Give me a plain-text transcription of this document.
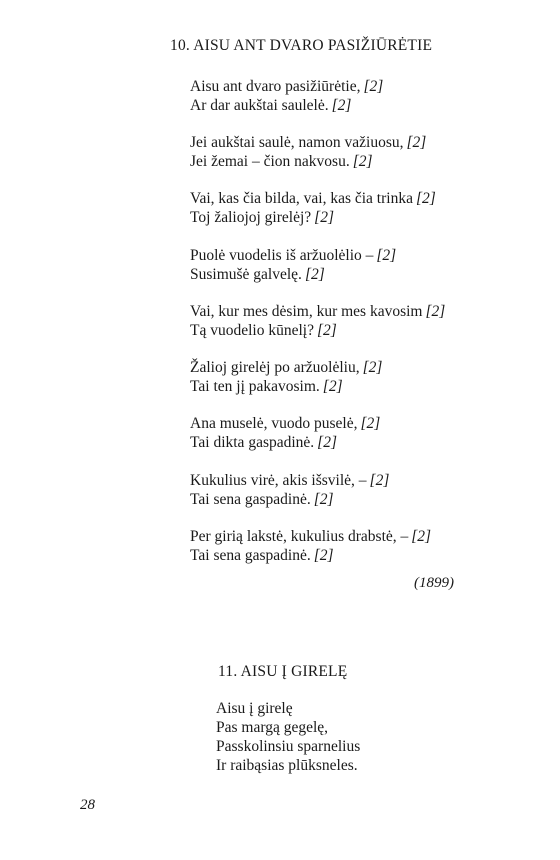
10. AISU ANT DVARO PASIŽIŪRĖTIE
Aisu ant dvaro pasižiūrėtie, [2]
Ar dar aukštai saulelė. [2]
Jei aukštai saulė, namon važiuosu, [2]
Jei žemai – čion nakvosu. [2]
Vai, kas čia bilda, vai, kas čia trinka [2]
Toj žaliojoj girelėj? [2]
Puolė vuodelis iš aržuolėlio – [2]
Susimušė galvelę. [2]
Vai, kur mes dėsim, kur mes kavosim [2]
Tą vuodelio kūnelį? [2]
Žalioj girelėj po aržuolėliu, [2]
Tai ten jį pakavosim. [2]
Ana muselė, vuodo puselė, [2]
Tai dikta gaspadinė. [2]
Kukulius virė, akis išsvilė, – [2]
Tai sena gaspadinė. [2]
Per girią lakstė, kukulius drabstė, – [2]
Tai sena gaspadinė. [2]
(1899)
11. AISU Į GIRELĘ
Aisu į girelę
Pas margą gegelę,
Passkolinsiu sparnelius
Ir raibąsias plūksneles.
28
